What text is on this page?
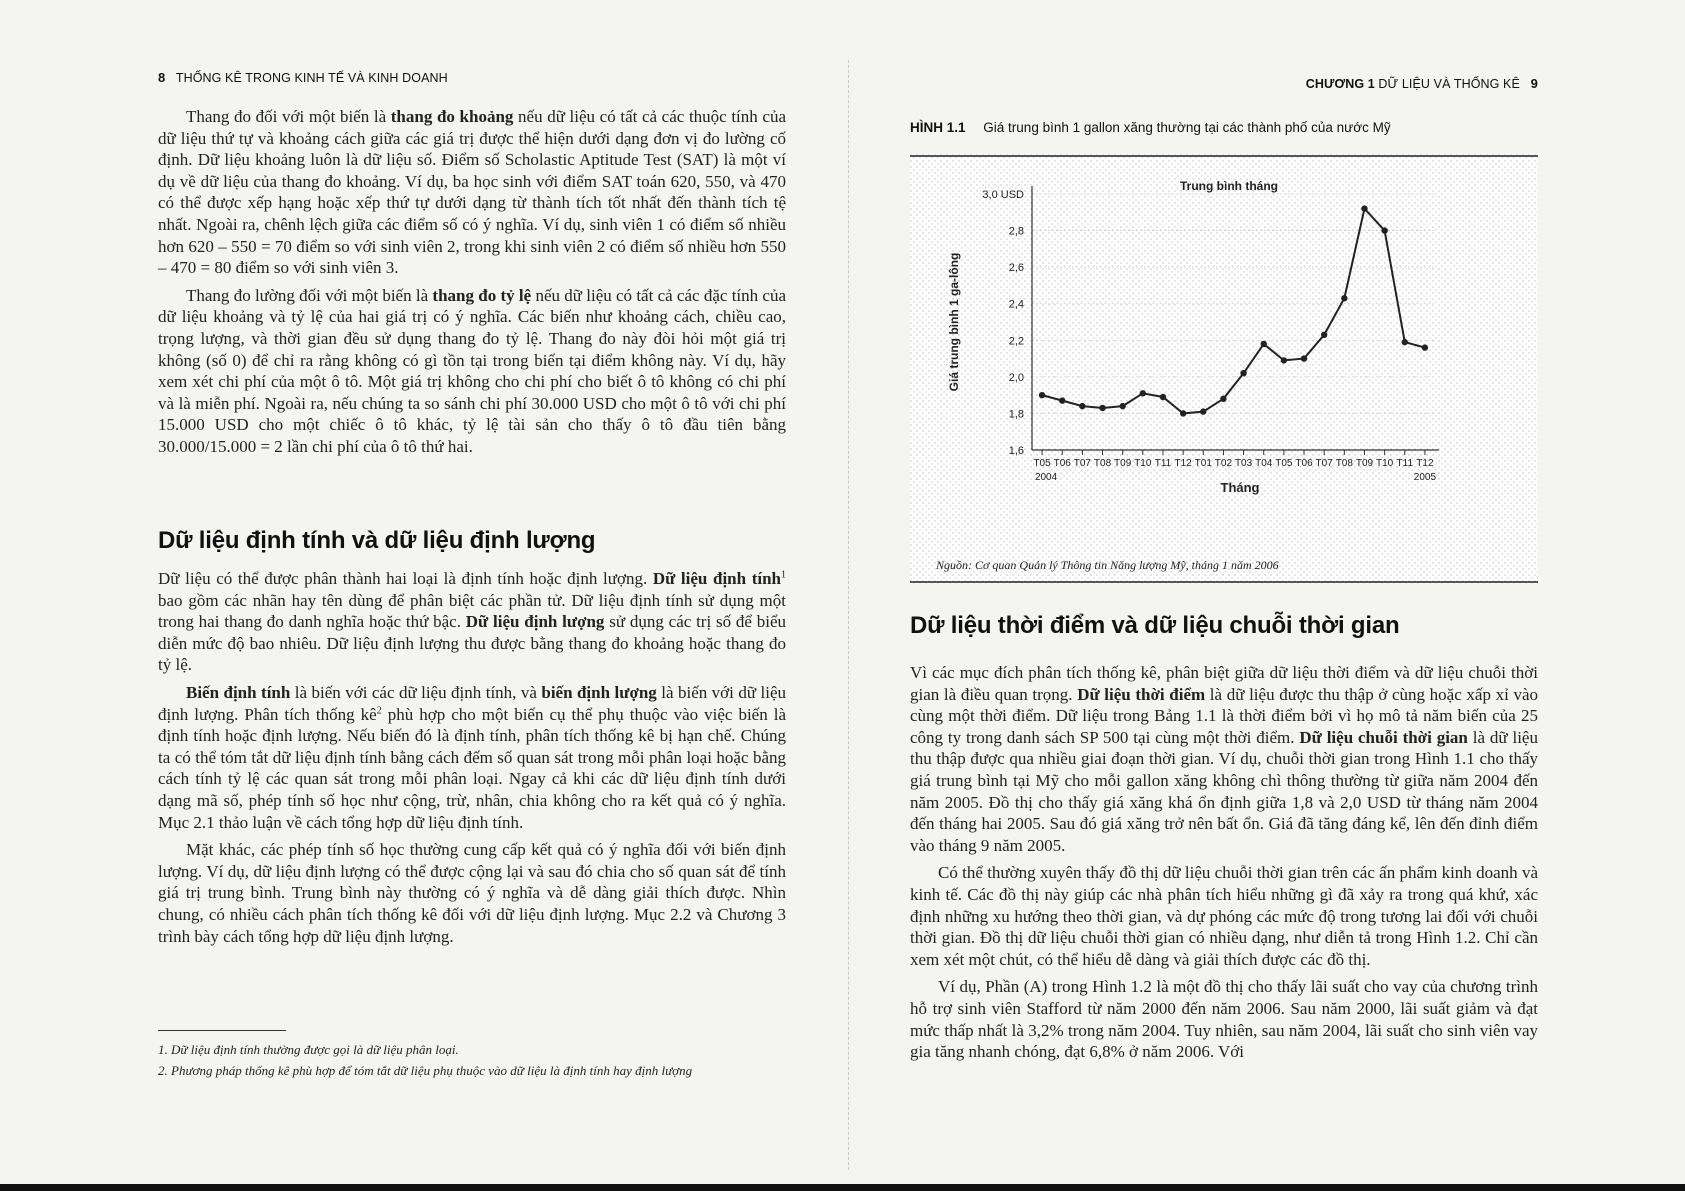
8 THỐNG KÊ TRONG KINH TẾ VÀ KINH DOANH

Thang đo đối với một biến là thang đo khoảng nếu dữ liệu có tất cả các thuộc tính của dữ liệu thứ tự và khoảng cách giữa các giá trị được thể hiện dưới dạng đơn vị đo lường cố định. Dữ liệu khoảng luôn là dữ liệu số. Điểm số Scholastic Aptitude Test (SAT) là một ví dụ về dữ liệu của thang đo khoảng. Ví dụ, ba học sinh với điểm SAT toán 620, 550, và 470 có thể được xếp hạng hoặc xếp thứ tự dưới dạng từ thành tích tốt nhất đến thành tích tệ nhất. Ngoài ra, chênh lệch giữa các điểm số có ý nghĩa. Ví dụ, sinh viên 1 có điểm số nhiều hơn 620 – 550 = 70 điểm so với sinh viên 2, trong khi sinh viên 2 có điểm số nhiều hơn 550 – 470 = 80 điểm so với sinh viên 3.

Thang đo lường đối với một biến là thang đo tỷ lệ nếu dữ liệu có tất cả các đặc tính của dữ liệu khoảng và tỷ lệ của hai giá trị có ý nghĩa. Các biến như khoảng cách, chiều cao, trọng lượng, và thời gian đều sử dụng thang đo tỷ lệ. Thang đo này đòi hỏi một giá trị không (số 0) để chỉ ra rằng không có gì tồn tại trong biến tại điểm không này. Ví dụ, hãy xem xét chi phí của một ô tô. Một giá trị không cho chi phí cho biết ô tô không có chi phí và là miễn phí. Ngoài ra, nếu chúng ta so sánh chi phí 30.000 USD cho một ô tô với chi phí 15.000 USD cho một chiếc ô tô khác, tỷ lệ tài sản cho thấy ô tô đầu tiên bằng 30.000/15.000 = 2 lần chi phí của ô tô thứ hai.

Dữ liệu định tính và dữ liệu định lượng

Dữ liệu có thể được phân thành hai loại là định tính hoặc định lượng. Dữ liệu định tính$^1$ bao gồm các nhãn hay tên dùng để phân biệt các phần tử. Dữ liệu định tính sử dụng một trong hai thang đo danh nghĩa hoặc thứ bậc. Dữ liệu định lượng sử dụng các trị số để biểu diễn mức độ bao nhiêu. Dữ liệu định lượng thu được bằng thang đo khoảng hoặc thang đo tỷ lệ.

Biến định tính là biến với các dữ liệu định tính, và biến định lượng là biến với dữ liệu định lượng. Phân tích thống $kê^2$ phù hợp cho một biến cụ thể phụ thuộc vào việc biến là định tính hoặc định lượng. Nếu biến đó là định tính, phân tích thống kê bị hạn chế. Chúng ta có thể tóm tắt dữ liệu định tính bằng cách đếm số quan sát trong mỗi phân loại hoặc bằng cách tính tỷ lệ các quan sát trong mỗi phân loại. Ngay cả khi các dữ liệu định tính dưới dạng mã số, phép tính số học như cộng, trừ, nhân, chia không cho ra kết quả có ý nghĩa. Mục 2.1 thảo luận về cách tổng hợp dữ liệu định tính.

Mặt khác, các phép tính số học thường cung cấp kết quả có ý nghĩa đối với biến định lượng. Ví dụ, dữ liệu định lượng có thể được cộng lại và sau đó chia cho số quan sát để tính giá trị trung bình. Trung bình này thường có ý nghĩa và dễ dàng giải thích được. Nhìn chung, có nhiều cách phân tích thống kê đối với dữ liệu định lượng. Mục 2.2 và Chương 3 trình bày cách tổng hợp dữ liệu định lượng.

1. Dữ liệu định tính thường được gọi là dữ liệu phân loại.
2. Phương pháp thống kê phù hợp để tóm tắt dữ liệu phụ thuộc vào dữ liệu là định tính hay định lượng
CHƯƠNG 1 DỮ LIỆU VÀ THỐNG KÊ 9
HÌNH 1.1 Giá trung bình 1 gallon xăng thường tại các thành phố của nước Mỹ
3,0 USD
2,8
2,6
2,4
2,2
2,0
1,8
1,6
T05 T06 T07 T08 T09 T10 T11 T12 T01 T02 T03 T04 T05 T06 T07 T08 T09 T10 T11 T12
2004	2005
Trung bình tháng
Tháng
Giá trung bình 1 ga-lông
Nguồn: Cơ quan Quản lý Thông tin Năng lượng Mỹ, tháng 1 năm 2006
Dữ liệu thời điểm và dữ liệu chuỗi thời gian

Vì các mục đích phân tích thống kê, phân biệt giữa dữ liệu thời điểm và dữ liệu chuỗi thời gian là điều quan trọng. Dữ liệu thời điểm là dữ liệu được thu thập ở cùng hoặc xấp xỉ vào cùng một thời điểm. Dữ liệu trong Bảng 1.1 là thời điểm bởi vì họ mô tả năm biến của 25 công ty trong danh sách SP 500 tại cùng một thời điểm. Dữ liệu chuỗi thời gian là dữ liệu thu thập được qua nhiều giai đoạn thời gian. Ví dụ, chuỗi thời gian trong Hình 1.1 cho thấy giá trung bình tại Mỹ cho mỗi gallon xăng không chì thông thường từ giữa năm 2004 đến năm 2005. Đồ thị cho thấy giá xăng khá ổn định giữa 1,8 và 2,0 USD từ tháng năm 2004 đến tháng hai 2005. Sau đó giá xăng trở nên bất ổn. Giá đã tăng đáng kể, lên đến đỉnh điểm vào tháng 9 năm 2005.

Có thể thường xuyên thấy đồ thị dữ liệu chuỗi thời gian trên các ấn phẩm kinh doanh và kinh tế. Các đồ thị này giúp các nhà phân tích hiểu những gì đã xảy ra trong quá khứ, xác định những xu hướng theo thời gian, và dự phóng các mức độ trong tương lai đối với chuỗi thời gian. Đồ thị dữ liệu chuỗi thời gian có nhiều dạng, như diễn tả trong Hình 1.2. Chỉ cần xem xét một chút, có thể hiểu dễ dàng và giải thích được các đồ thị.

Ví dụ, Phần (A) trong Hình 1.2 là một đồ thị cho thấy lãi suất cho vay của chương trình hỗ trợ sinh viên Stafford từ năm 2000 đến năm 2006. Sau năm 2000, lãi suất giảm và đạt mức thấp nhất là 3,2% trong năm 2004. Tuy nhiên, sau năm 2004, lãi suất cho sinh viên vay gia tăng nhanh chóng, đạt 6,8% ở năm 2006. Với
